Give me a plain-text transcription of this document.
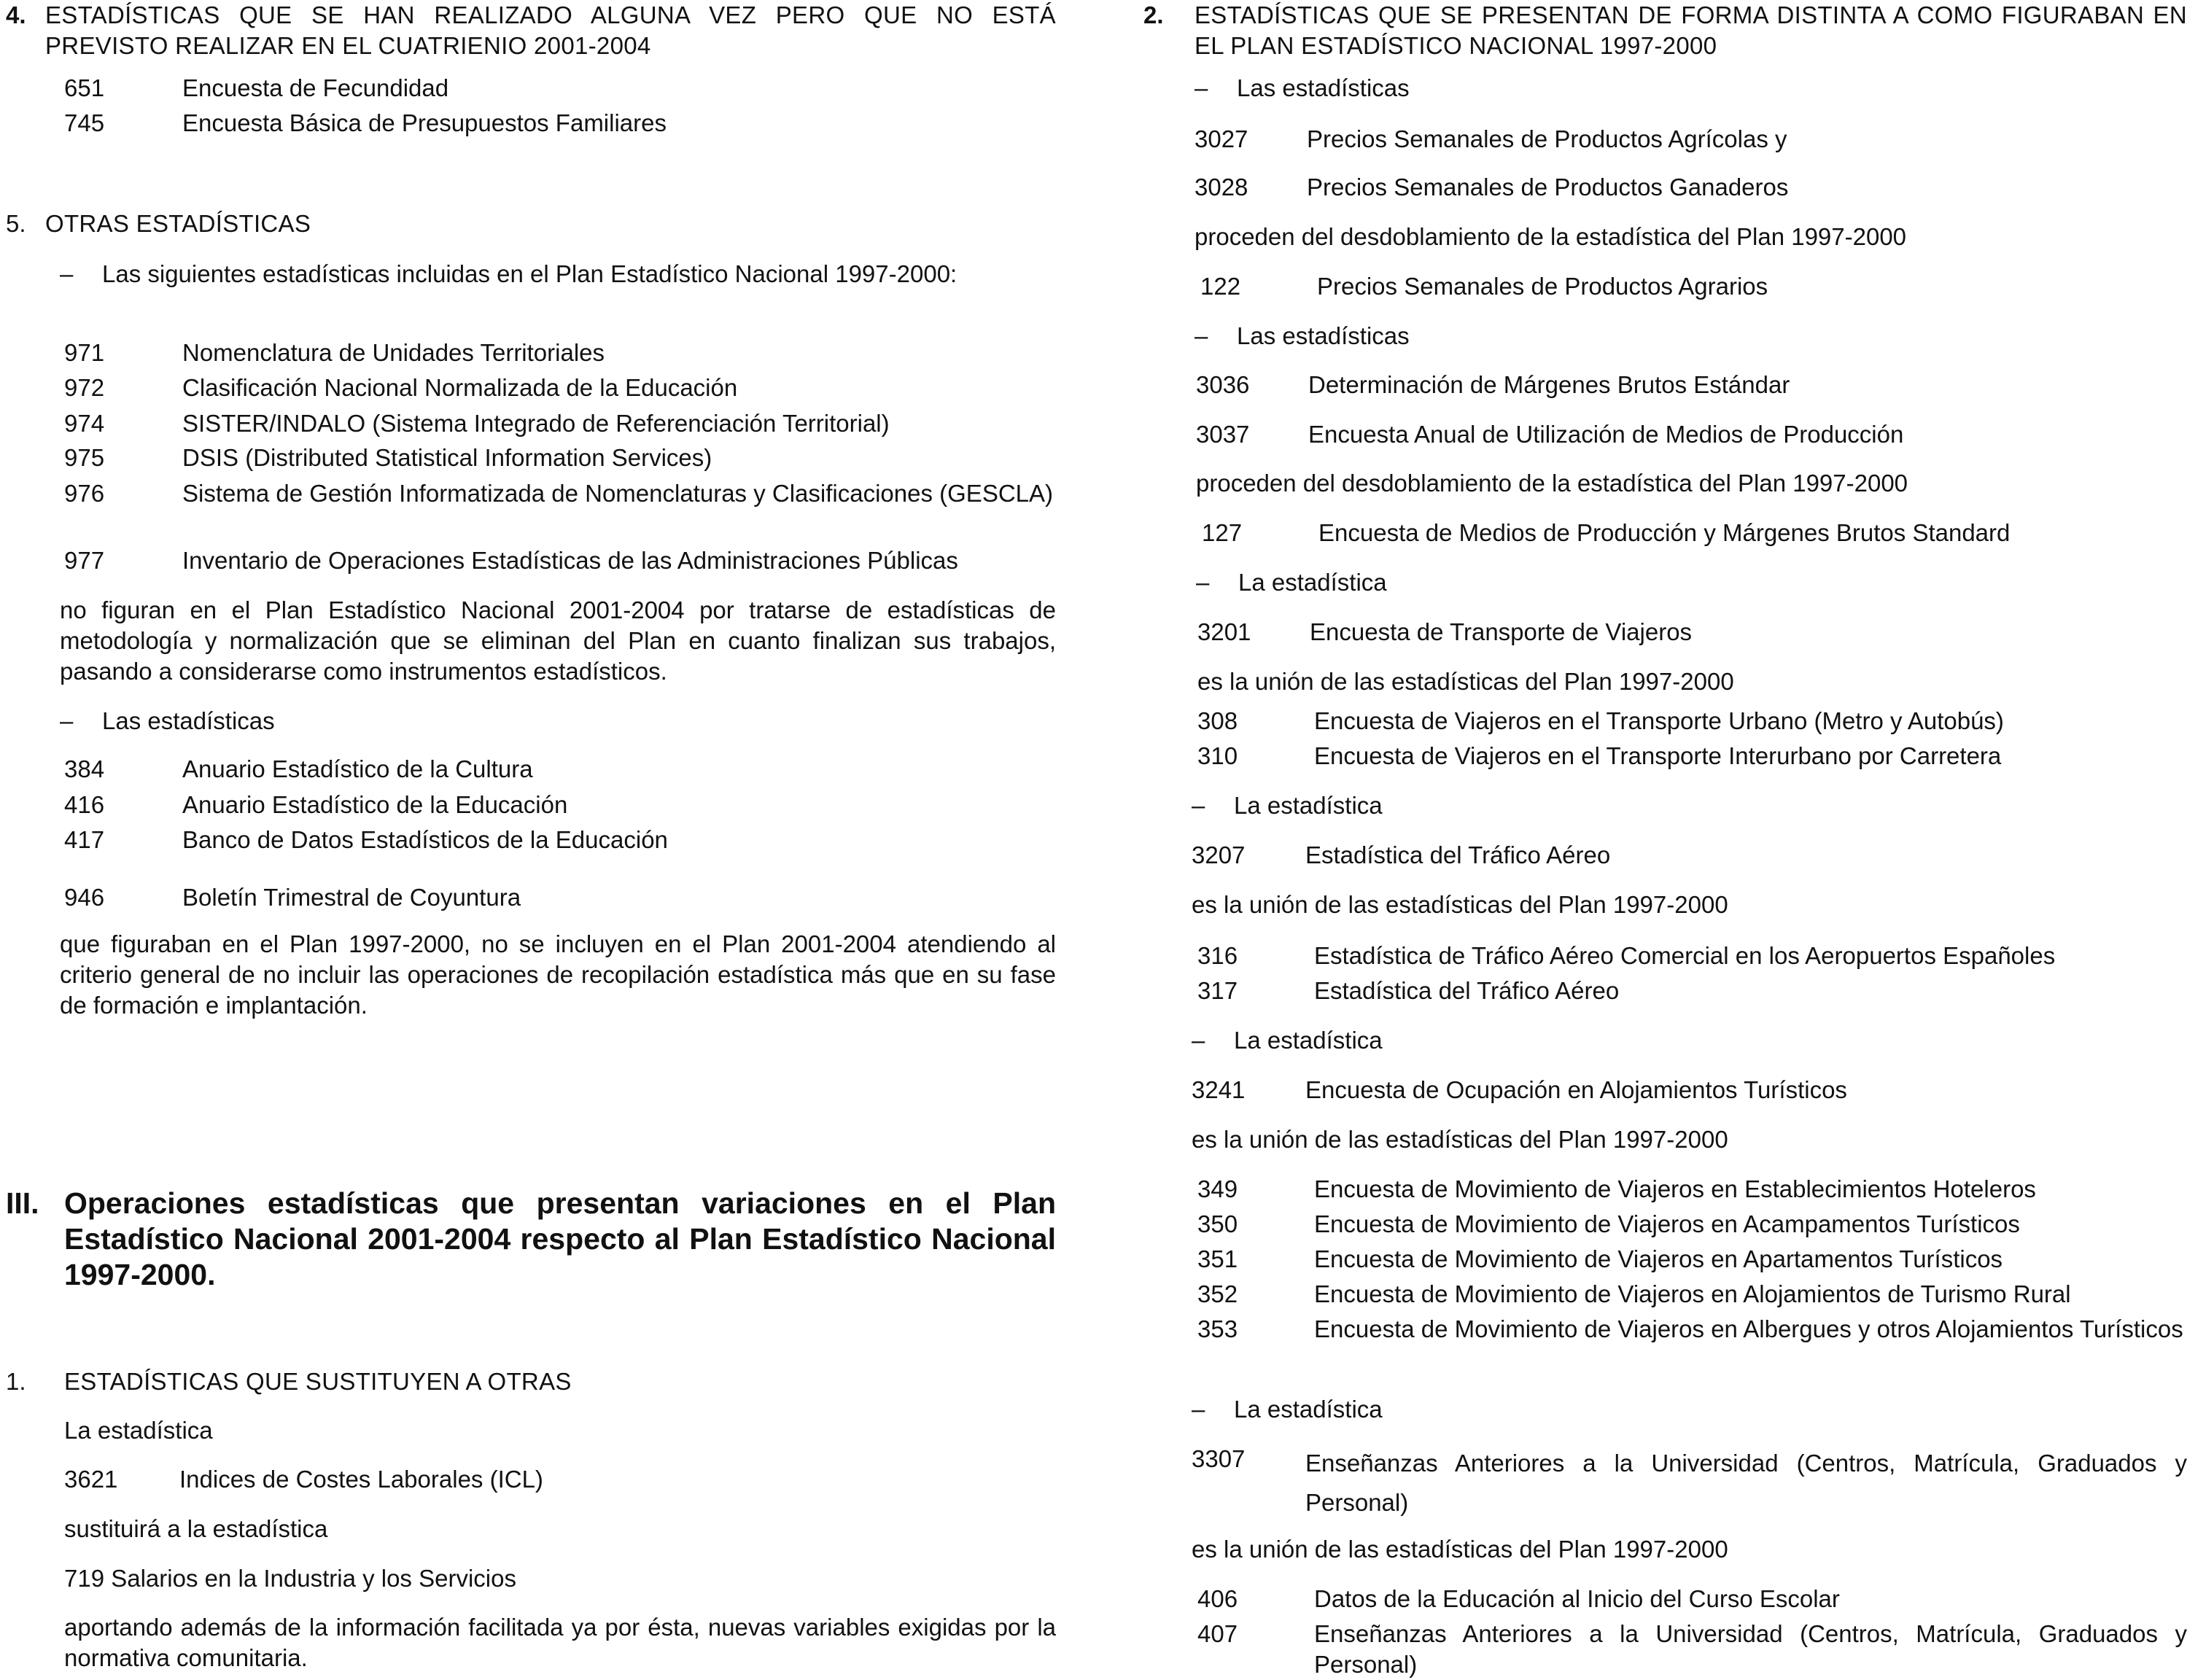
4. ESTADÍSTICAS QUE SE HAN REALIZADO ALGUNA VEZ PERO QUE NO ESTÁ PREVISTO REALIZAR EN EL CUATRIENIO 2001-2004

651	Encuesta de Fecundidad
745	Encuesta Básica de Presupuestos Familiares
5. OTRAS ESTADÍSTICAS
– Las siguientes estadísticas incluidas en el Plan Estadístico Nacional 1997-2000:

971	Nomenclatura de Unidades Territoriales
972	Clasificación Nacional Normalizada de la Educación
974	SISTER/INDALO (Sistema Integrado de Referenciación Territorial)
975	DSIS (Distributed Statistical Information Services)
976	Sistema de Gestión Informatizada de Nomenclaturas y Clasificaciones (GESCLA)

977	Inventario de Operaciones Estadísticas de las Administraciones Públicas

no figuran en el Plan Estadístico Nacional 2001-2004 por tratarse de estadísticas de metodología y normalización que se eliminan del Plan en cuanto finalizan sus trabajos, pasando a considerarse como instrumentos estadísticos.

– Las estadísticas
384	Anuario Estadístico de la Cultura
416	Anuario Estadístico de la Educación
417	Banco de Datos Estadísticos de la Educación
946	Boletín Trimestral de Coyuntura

que figuraban en el Plan 1997-2000, no se incluyen en el Plan 2001-2004 atendiendo al criterio general de no incluir las operaciones de recopilación estadística más que en su fase de formación e implantación.

III. Operaciones estadísticas que presentan variaciones en el Plan Estadístico Nacional 2001-2004 respecto al Plan Estadístico Nacional 1997-2000.

1. ESTADÍSTICAS QUE SUSTITUYEN A OTRAS
La estadística
3621	Indices de Costes Laborales (ICL)
sustituirá a la estadística
719 Salarios en la Industria y los Servicios

aportando además de la información facilitada ya por ésta, nuevas variables exigidas por la normativa comunitaria.

2. ESTADÍSTICAS QUE SE PRESENTAN DE FORMA DISTINTA A COMO FIGURABAN EN EL PLAN ESTADÍSTICO NACIONAL 1997-2000

– Las estadísticas
3027 Precios Semanales de Productos Agrícolas y
3028 Precios Semanales de Productos Ganaderos
proceden del desdoblamiento de la estadística del Plan 1997-2000
122	Precios Semanales de Productos Agrarios
– Las estadísticas
3036 Determinación de Márgenes Brutos Estándar
3037 Encuesta Anual de Utilización de Medios de Producción
proceden del desdoblamiento de la estadística del Plan 1997-2000
127	Encuesta de Medios de Producción y Márgenes Brutos Standard
– La estadística
3201 Encuesta de Transporte de Viajeros
es la unión de las estadísticas del Plan 1997-2000
308	Encuesta de Viajeros en el Transporte Urbano (Metro y Autobús)
310	Encuesta de Viajeros en el Transporte Interurbano por Carretera
– La estadística
3207	Estadística del Tráfico Aéreo
es la unión de las estadísticas del Plan 1997-2000
316	Estadística de Tráfico Aéreo Comercial en los Aeropuertos Españoles
317	Estadística del Tráfico Aéreo
– La estadística
3241	Encuesta de Ocupación en Alojamientos Turísticos
es la unión de las estadísticas del Plan 1997-2000
349	Encuesta de Movimiento de Viajeros en Establecimientos Hoteleros
350	Encuesta de Movimiento de Viajeros en Acampamentos Turísticos
351	Encuesta de Movimiento de Viajeros en Apartamentos Turísticos
352	Encuesta de Movimiento de Viajeros en Alojamientos de Turismo Rural
353	Encuesta de Movimiento de Viajeros en Albergues y otros Alojamientos Turísticos

– La estadística
3307	Enseñanzas Anteriores a la Universidad (Centros, Matrícula, Graduados y Personal)

es la unión de las estadísticas del Plan 1997-2000
406	Datos de la Educación al Inicio del Curso Escolar
407	Enseñanzas Anteriores a la Universidad (Centros, Matrícula, Graduados y Personal)
